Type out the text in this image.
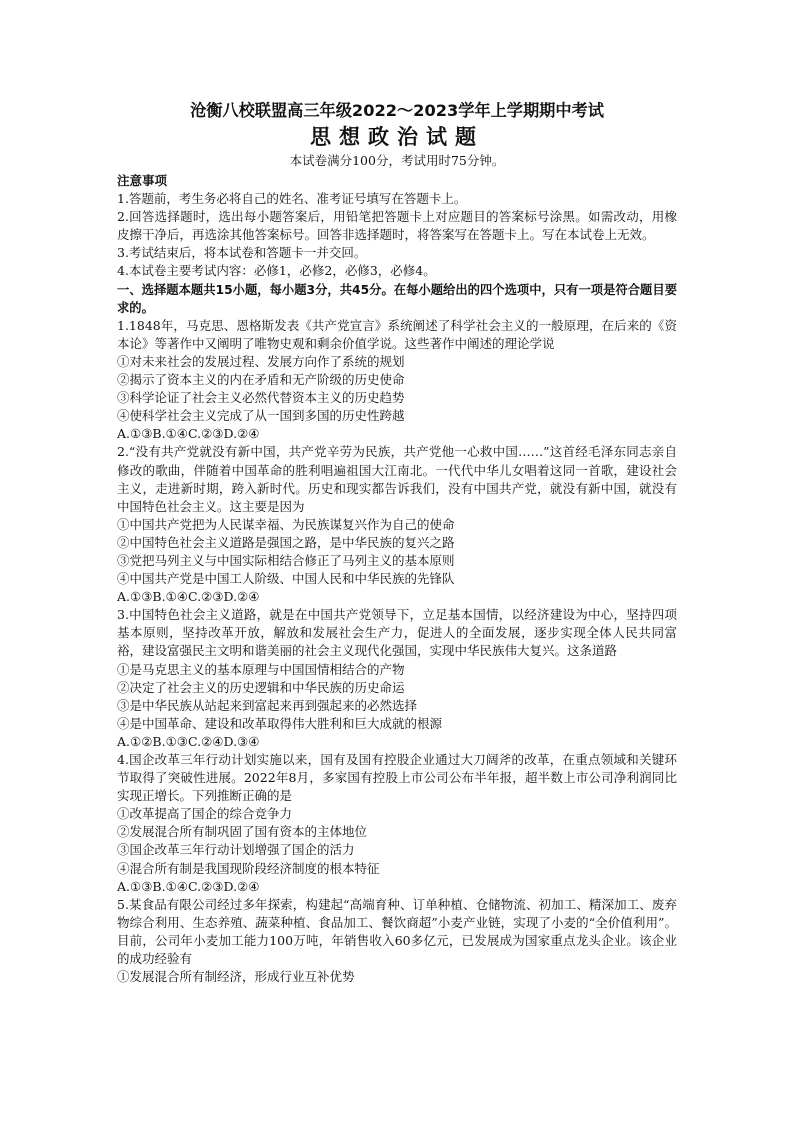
沧衡八校联盟高三年级2022～2023学年上学期期中考试

思想政治试题

本试卷满分100分，考试用时75分钟。

注意事项

1.答题前，考生务必将自己的姓名、准考证号填写在答题卡上。

2.回答选择题时，选出每小题答案后，用铅笔把答题卡上对应题目的答案标号涂黑。如需改动，用橡皮擦干净后，再选涂其他答案标号。回答非选择题时，将答案写在答题卡上。写在本试卷上无效。

3.考试结束后，将本试卷和答题卡一并交回。

4.本试卷主要考试内容：必修1，必修2，必修3，必修4。

一、选择题本题共15小题，每小题3分，共45分。在每小题给出的四个选项中，只有一项是符合题目要求的。

1.1848年，马克思、恩格斯发表《共产党宣言》系统阐述了科学社会主义的一般原理，在后来的《资本论》等著作中又阐明了唯物史观和剩余价值学说。这些著作中阐述的理论学说

①对未来社会的发展过程、发展方向作了系统的规划

②揭示了资本主义的内在矛盾和无产阶级的历史使命

③科学论证了社会主义必然代替资本主义的历史趋势

④使科学社会主义完成了从一国到多国的历史性跨越

A.①③B.①④C.②③D.②④

2.“没有共产党就没有新中国，共产党辛劳为民族，共产党他一心救中国……”这首经毛泽东同志亲自修改的歌曲，伴随着中国革命的胜利唱遍祖国大江南北。一代代中华儿女唱着这同一首歌，建设社会主义，走进新时期，跨入新时代。历史和现实都告诉我们，没有中国共产党，就没有新中国，就没有中国特色社会主义。这主要是因为

①中国共产党把为人民谋幸福、为民族谋复兴作为自己的使命

②中国特色社会主义道路是强国之路，是中华民族的复兴之路

③党把马列主义与中国实际相结合修正了马列主义的基本原则

④中国共产党是中国工人阶级、中国人民和中华民族的先锋队

A.①③B.①④C.②③D.②④

3.中国特色社会主义道路，就是在中国共产党领导下，立足基本国情，以经济建设为中心，坚持四项基本原则，坚持改革开放，解放和发展社会生产力，促进人的全面发展，逐步实现全体人民共同富裕，建设富强民主文明和谐美丽的社会主义现代化强国，实现中华民族伟大复兴。这条道路

①是马克思主义的基本原理与中国国情相结合的产物

②决定了社会主义的历史逻辑和中华民族的历史命运

③是中华民族从站起来到富起来再到强起来的必然选择

④是中国革命、建设和改革取得伟大胜利和巨大成就的根源

A.①②B.①③C.②④D.③④

4.国企改革三年行动计划实施以来，国有及国有控股企业通过大刀阔斧的改革，在重点领域和关键环节取得了突破性进展。2022年8月，多家国有控股上市公司公布半年报，超半数上市公司净利润同比实现正增长。下列推断正确的是

①改革提高了国企的综合竞争力

②发展混合所有制巩固了国有资本的主体地位

③国企改革三年行动计划增强了国企的活力

④混合所有制是我国现阶段经济制度的根本特征

A.①③B.①④C.②③D.②④

5.某食品有限公司经过多年探索，构建起“高端育种、订单种植、仓储物流、初加工、精深加工、废弃物综合利用、生态养殖、蔬菜种植、食品加工、餐饮商超”小麦产业链，实现了小麦的“全价值利用”。目前，公司年小麦加工能力100万吨，年销售收入60多亿元，已发展成为国家重点龙头企业。该企业的成功经验有

①发展混合所有制经济，形成行业互补优势
